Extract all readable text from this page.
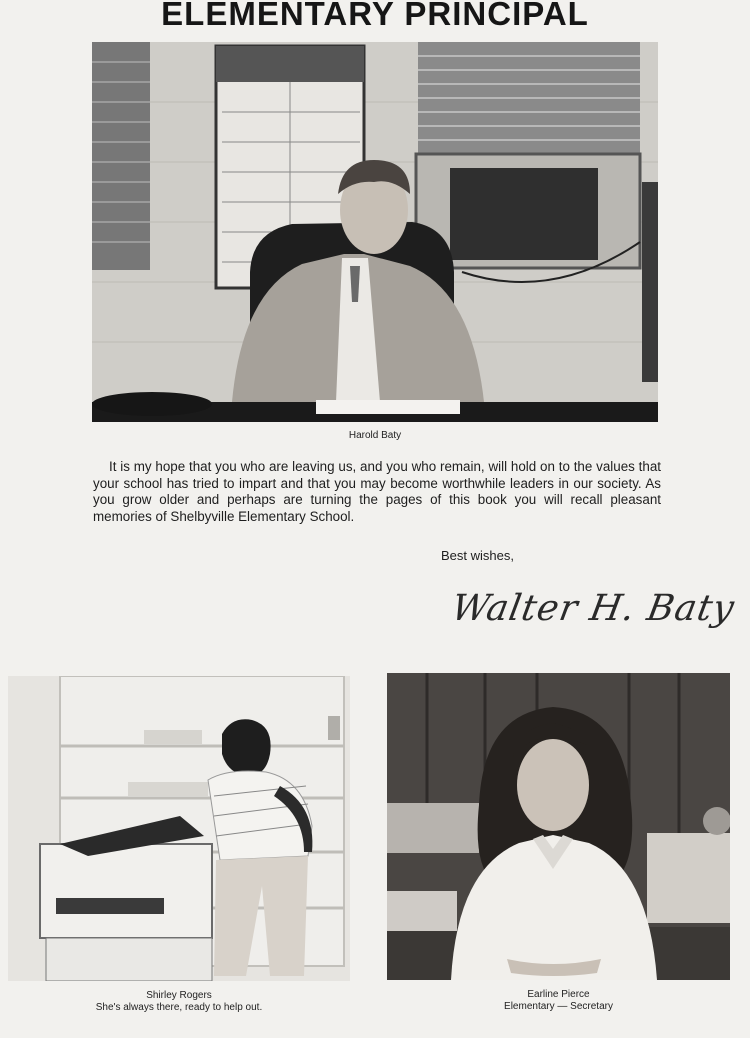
ELEMENTARY PRINCIPAL
Harold Baty
It is my hope that you who are leaving us, and you who remain, will hold on to the values that your school has tried to impart and that you may become worthwhile leaders in our society. As you grow older and perhaps are turning the pages of this book you will recall pleasant memories of Shelbyville Elementary School.
Best wishes,
Walter H. Baty
Shirley Rogers
She's always there, ready to help out.
Earline Pierce
Elementary — Secretary
